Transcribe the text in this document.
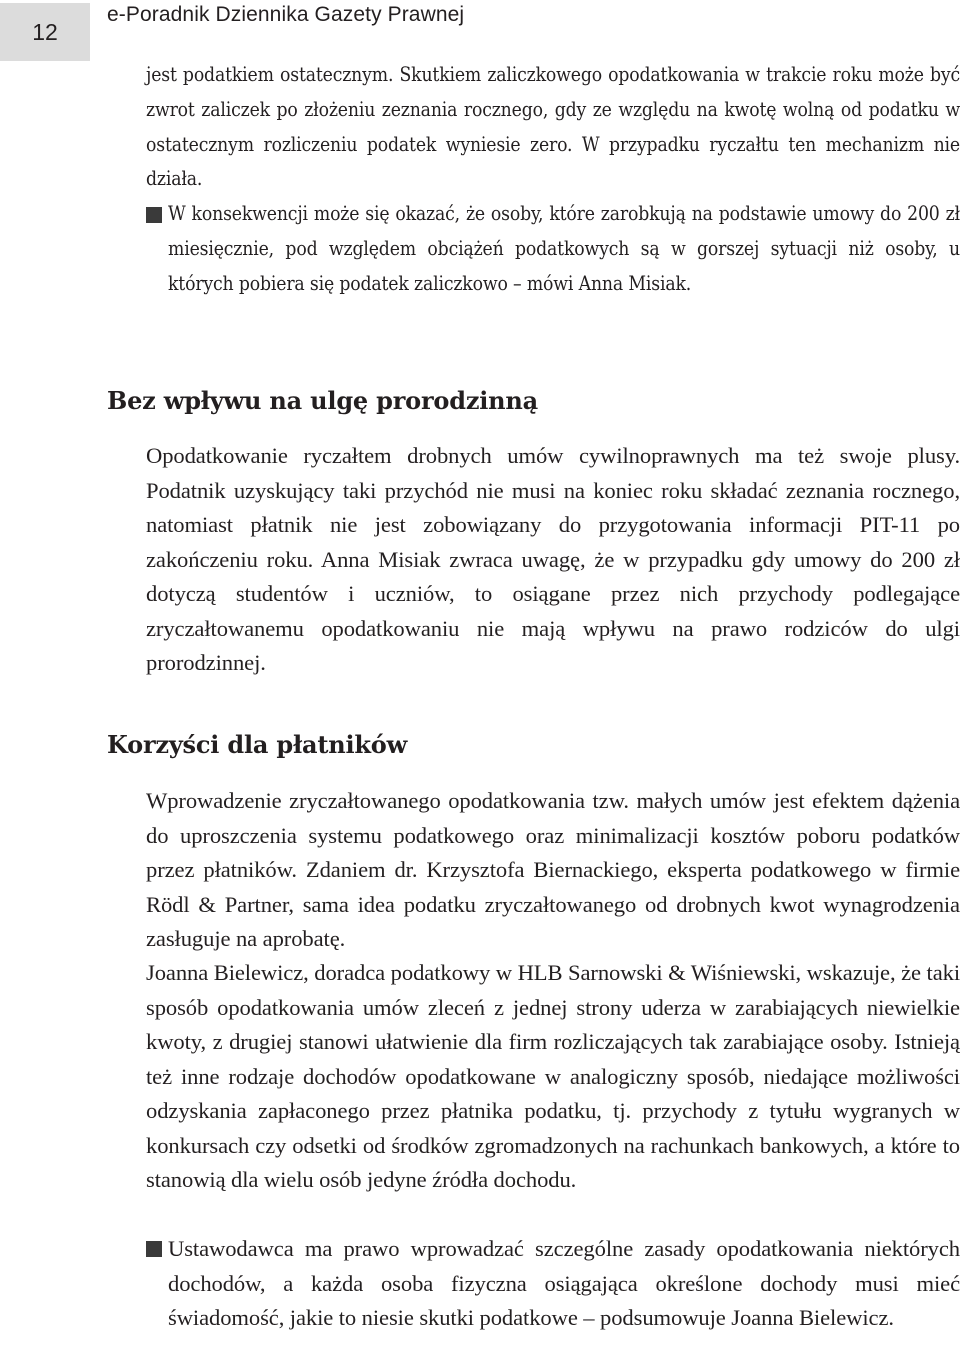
12
e-Poradnik Dziennika Gazety Prawnej

jest podatkiem ostatecznym. Skutkiem zaliczkowego opodatkowania w trakcie roku może być zwrot zaliczek po złożeniu zeznania rocznego, gdy ze względu na kwotę wolną od podatku w ostatecznym rozliczeniu podatek wyniesie zero. W przypadku ryczałtu ten mechanizm nie działa.

W konsekwencji może się okazać, że osoby, które zarobkują na podstawie umowy do 200 zł miesięcznie, pod względem obciążeń podatkowych są w gorszej sytuacji niż osoby, u których pobiera się podatek zaliczkowo – mówi Anna Misiak.
Bez wpływu na ulgę prorodzinną

Opodatkowanie ryczałtem drobnych umów cywilnoprawnych ma też swoje plusy. Podatnik uzyskujący taki przychód nie musi na koniec roku składać zeznania rocznego, natomiast płatnik nie jest zobowiązany do przygotowania informacji PIT-11 po zakończeniu roku. Anna Misiak zwraca uwagę, że w przypadku gdy umowy do 200 zł dotyczą studentów i uczniów, to osiągane przez nich przychody podlegające zryczałtowanemu opodatkowaniu nie mają wpływu na prawo rodziców do ulgi prorodzinnej.

Korzyści dla płatników

Wprowadzenie zryczałtowanego opodatkowania tzw. małych umów jest efektem dążenia do uproszczenia systemu podatkowego oraz minimalizacji kosztów poboru podatków przez płatników. Zdaniem dr. Krzysztofa Biernackiego, eksperta podatkowego w firmie Rödl & Partner, sama idea podatku zryczałtowanego od drobnych kwot wynagrodzenia zasługuje na aprobatę.

Joanna Bielewicz, doradca podatkowy w HLB Sarnowski & Wiśniewski, wskazuje, że taki sposób opodatkowania umów zleceń z jednej strony uderza w zarabiających niewielkie kwoty, z drugiej stanowi ułatwienie dla firm rozliczających tak zarabiające osoby. Istnieją też inne rodzaje dochodów opodatkowane w analogiczny sposób, niedające możliwości odzyskania zapłaconego przez płatnika podatku, tj. przychody z tytułu wygranych w konkursach czy odsetki od środków zgromadzonych na rachunkach bankowych, a które to stanowią dla wielu osób jedyne źródła dochodu.

Ustawodawca ma prawo wprowadzać szczególne zasady opodatkowania niektórych dochodów, a każda osoba fizyczna osiągająca określone dochody musi mieć świadomość, jakie to niesie skutki podatkowe – podsumowuje Joanna Bielewicz.
